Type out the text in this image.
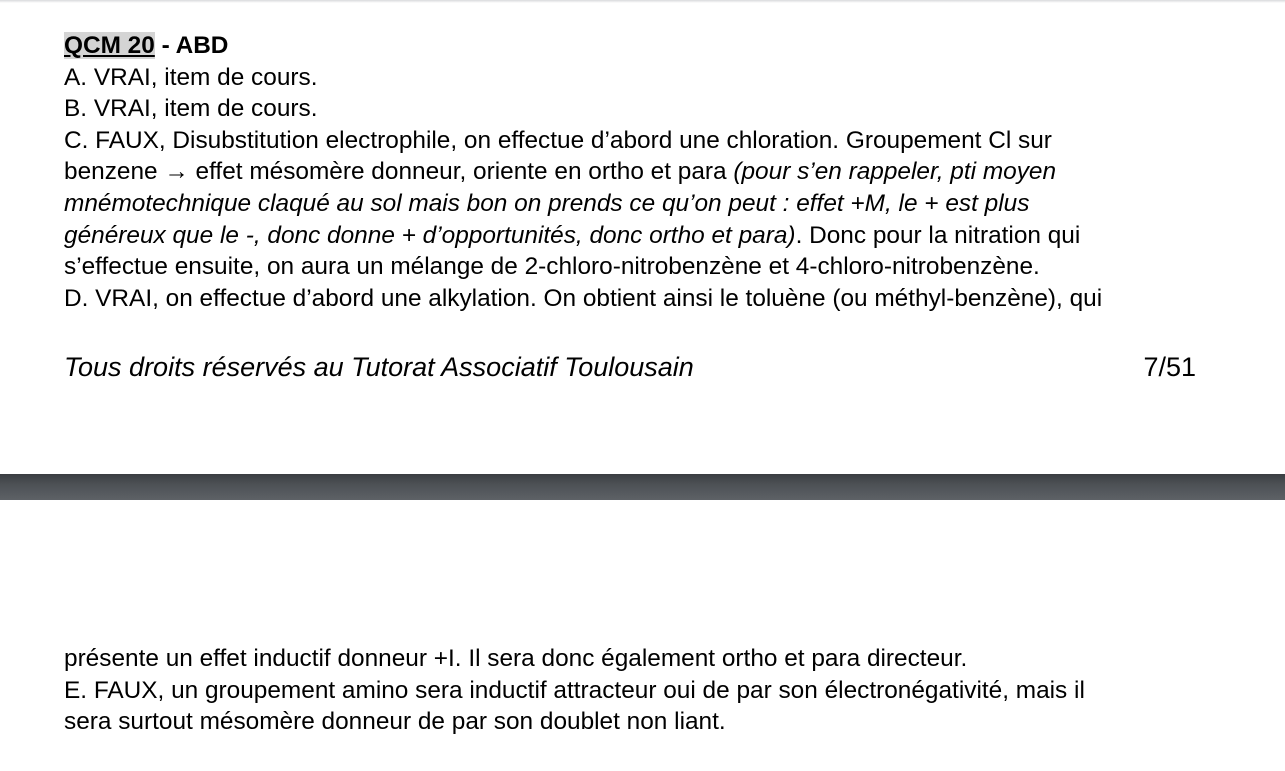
QCM 20 - ABD
A. VRAI, item de cours.
B. VRAI, item de cours.
C. FAUX, Disubstitution electrophile, on effectue d’abord une chloration. Groupement Cl sur
benzene → effet mésomère donneur, oriente en ortho et para (pour s’en rappeler, pti moyen
mnémotechnique claqué au sol mais bon on prends ce qu’on peut : effet +M, le + est plus
généreux que le -, donc donne + d’opportunités, donc ortho et para). Donc pour la nitration qui
s’effectue ensuite, on aura un mélange de 2-chloro-nitrobenzène et 4-chloro-nitrobenzène.
D. VRAI, on effectue d’abord une alkylation. On obtient ainsi le toluène (ou méthyl-benzène), qui
Tous droits réservés au Tutorat Associatif Toulousain	7/51
présente un effet inductif donneur +I. Il sera donc également ortho et para directeur.
E. FAUX, un groupement amino sera inductif attracteur oui de par son électronégativité, mais il
sera surtout mésomère donneur de par son doublet non liant.
